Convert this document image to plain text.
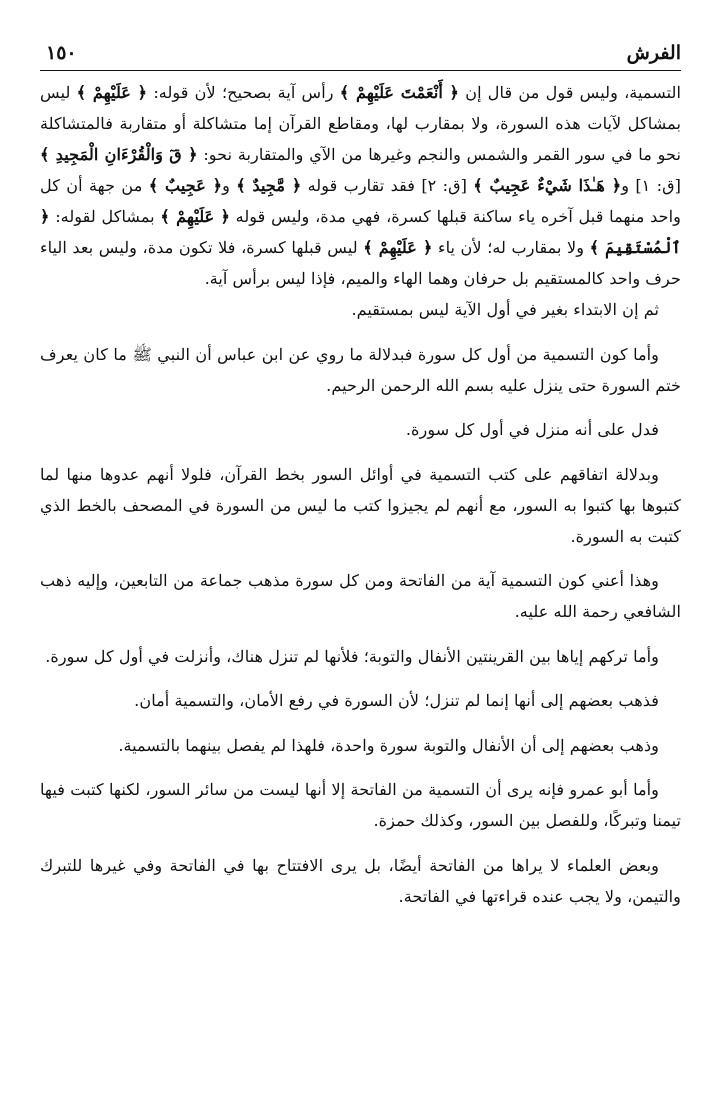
الفرش
١٥٠

التسمية، وليس قول من قال إن ﴿ أَنْعَمْتَ عَلَيْهِمْ ﴾ رأس آية بصحيح؛ لأن قوله: ﴿ عَلَيْهِمْ ﴾ ليس بمشاكل لآيات هذه السورة، ولا بمقارب لها، ومقاطع القرآن إما متشاكلة أو متقاربة فالمتشاكلة نحو ما في سور القمر والشمس والنجم وغيرها من الآي والمتقاربة نحو: ﴿ قٓ وَالْقُرْءَانِ الْمَجِيدِ ﴾ [ق: ١] و﴿ هَـٰذَا شَيْءٌ عَجِيبٌ ﴾ [ق: ٢] فقد تقارب قوله ﴿ مَّجِيدٌ ﴾ و﴿ عَجِيبٌ ﴾ من جهة أن كل واحد منهما قبل آخره ياء ساكنة قبلها كسرة، فهي مدة، وليس قوله ﴿ عَلَيْهِمْ ﴾ بمشاكل لقوله: ﴿ ٱلْمُسْتَقِيمَ ﴾ ولا بمقارب له؛ لأن ياء ﴿ عَلَيْهِمْ ﴾ ليس قبلها كسرة، فلا تكون مدة، وليس بعد الياء حرف واحد كالمستقيم بل حرفان وهما الهاء والميم، فإذا ليس برأس آية.

ثم إن الابتداء بغير في أول الآية ليس بمستقيم.

وأما كون التسمية من أول كل سورة فبدلالة ما روي عن ابن عباس أن النبي ﷺ ما كان يعرف ختم السورة حتى ينزل عليه بسم الله الرحمن الرحيم.

فدل على أنه منزل في أول كل سورة.

وبدلالة اتفاقهم على كتب التسمية في أوائل السور بخط القرآن، فلولا أنهم عدوها منها لما كتبوها بها كتبوا به السور، مع أنهم لم يجيزوا كتب ما ليس من السورة في المصحف بالخط الذي كتبت به السورة.

وهذا أعني كون التسمية آية من الفاتحة ومن كل سورة مذهب جماعة من التابعين، وإليه ذهب الشافعي رحمة الله عليه.

وأما تركهم إياها بين القرينتين الأنفال والتوبة؛ فلأنها لم تنزل هناك، وأنزلت في أول كل سورة.

فذهب بعضهم إلى أنها إنما لم تنزل؛ لأن السورة في رفع الأمان، والتسمية أمان.

وذهب بعضهم إلى أن الأنفال والتوبة سورة واحدة، فلهذا لم يفصل بينهما بالتسمية.

وأما أبو عمرو فإنه يرى أن التسمية من الفاتحة إلا أنها ليست من سائر السور، لكنها كتبت فيها تيمنا وتبركًا، وللفصل بين السور، وكذلك حمزة.

وبعض العلماء لا يراها من الفاتحة أيضًا، بل يرى الافتتاح بها في الفاتحة وفي غيرها للتبرك والتيمن، ولا يجب عنده قراءتها في الفاتحة.
